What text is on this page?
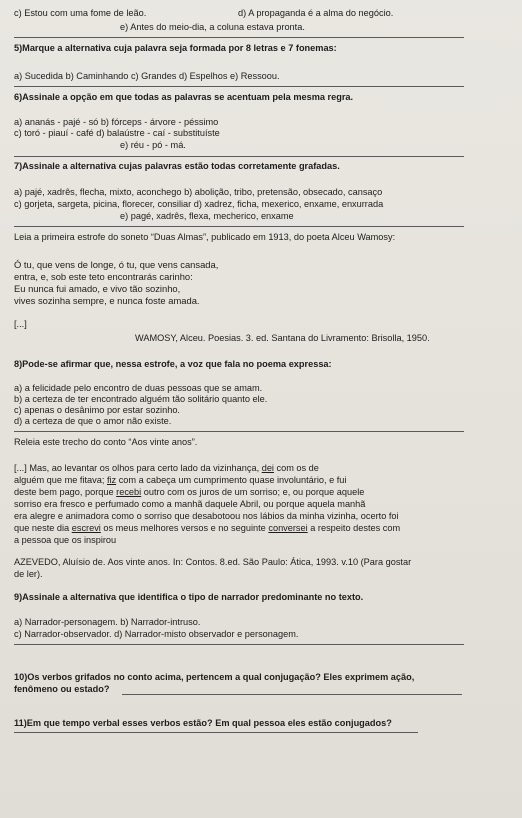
c) Estou com uma fome de leão.	d) A propaganda é a alma do negócio.
e) Antes do meio-dia, a coluna estava pronta.
5)Marque a alternativa cuja palavra seja formada por 8 letras e 7 fonemas:
a) Sucedida b) Caminhando c) Grandes d) Espelhos e) Ressoou.
6)Assinale a opção em que todas as palavras se acentuam pela mesma regra.
a) ananás - pajé - só b) fórceps - árvore - péssimo
c) toró - piauí - café d) balaústre - caí - substituíste
e) réu - pó - má.
7)Assinale a alternativa cujas palavras estão todas corretamente grafadas.
a) pajé, xadrês, flecha, mixto, aconchego b) abolição, tribo, pretensão, obsecado, cansaço
c) gorjeta, sargeta, picina, florecer, consiliar d) xadrez, ficha, mexerico, enxame, enxurrada
e) pagé, xadrês, flexa, mecherico, enxame
Leia a primeira estrofe do soneto “Duas Almas”, publicado em 1913, do poeta Alceu Wamosy:
Ó tu, que vens de longe, ó tu, que vens cansada,
entra, e, sob este teto encontrarás carinho:
Eu nunca fui amado, e vivo tão sozinho,
vives sozinha sempre, e nunca foste amada.
[...]
WAMOSY, Alceu. Poesias. 3. ed. Santana do Livramento: Brisolla, 1950.
8)Pode-se afirmar que, nessa estrofe, a voz que fala no poema expressa:
a) a felicidade pelo encontro de duas pessoas que se amam.
b) a certeza de ter encontrado alguém tão solitário quanto ele.
c) apenas o desânimo por estar sozinho.
d) a certeza de que o amor não existe.
Releia este trecho do conto “Aos vinte anos”.
[...] Mas, ao levantar os olhos para certo lado da vizinhança, dei com os de
alguém que me fitava; fiz com a cabeça um cumprimento quase involuntário, e fui
deste bem pago, porque recebi outro com os juros de um sorriso; e, ou porque aquele
sorriso era fresco e perfumado como a manhã daquele Abril, ou porque aquela manhã
era alegre e animadora como o sorriso que desabotoou nos lábios da minha vizinha, ocerto foi
que neste dia escrevi os meus melhores versos e no seguinte conversei a respeito destes com
a pessoa que os inspirou
AZEVEDO, Aluísio de. Aos vinte anos. In: Contos. 8.ed. São Paulo: Ática, 1993. v.10 (Para gostar
de ler).
9)Assinale a alternativa que identifica o tipo de narrador predominante no texto.
a) Narrador-personagem. b) Narrador-intruso.
c) Narrador-observador. d) Narrador-misto observador e personagem.
10)Os verbos grifados no conto acima, pertencem a qual conjugação? Eles exprimem ação,
fenômeno ou estado?
11)Em que tempo verbal esses verbos estão? Em qual pessoa eles estão conjugados?
